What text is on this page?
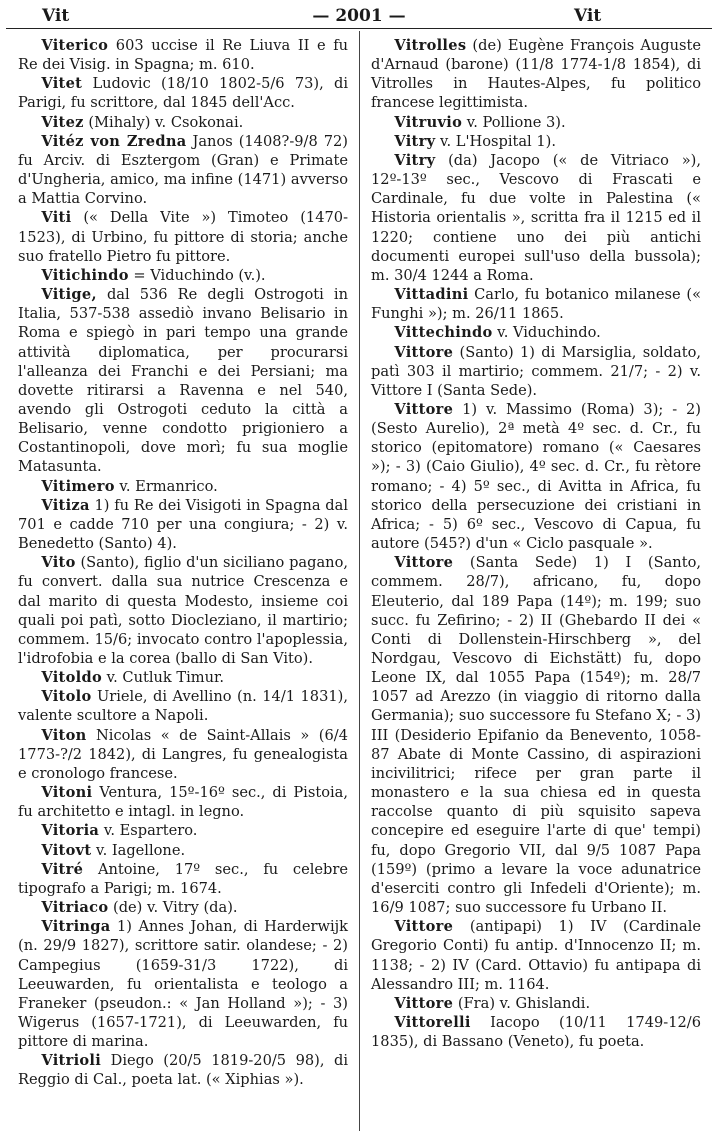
Vit	— 2001 —	Vit

Viterico 603 uccise il Re Liuva II e fu Re dei Visig. in Spagna; m. 610.

Vitet Ludovic (18/10 1802-5/6 73), di Parigi, fu scrittore, dal 1845 dell'Acc.

Vitez (Mihaly) v. Csokonai.

Vitéz von Zredna Janos (1408?-9/8 72) fu Arciv. di Esztergom (Gran) e Primate d'Ungheria, amico, ma infine (1471) avverso a Mattia Corvino.

Viti (« Della Vite ») Timoteo (1470-1523), di Urbino, fu pittore di storia; anche suo fratello Pietro fu pittore.

Vitichindo = Viduchindo (v.).

Vitige, dal 536 Re degli Ostrogoti in Italia, 537-538 assediò invano Belisario in Roma e spiegò in pari tempo una grande attività diplomatica, per procurarsi l'alleanza dei Franchi e dei Persiani; ma dovette ritirarsi a Ravenna e nel 540, avendo gli Ostrogoti ceduto la città a Belisario, venne condotto prigioniero a Costantinopoli, dove morì; fu sua moglie Matasunta.

Vitimero v. Ermanrico.

Vitiza 1) fu Re dei Visigoti in Spagna dal 701 e cadde 710 per una congiura; - 2) v. Benedetto (Santo) 4).

Vito (Santo), figlio d'un siciliano pagano, fu convert. dalla sua nutrice Crescenza e dal marito di questa Modesto, insieme coi quali poi patì, sotto Diocleziano, il martirio; commem. 15/6; invocato contro l'apoplessia, l'idrofobia e la corea (ballo di San Vito).

Vitoldo v. Cutluk Timur.

Vitolo Uriele, di Avellino (n. 14/1 1831), valente scultore a Napoli.

Viton Nicolas « de Saint-Allais » (6/4 1773-?/2 1842), di Langres, fu genealogista e cronologo francese.

Vitoni Ventura, 15º-16º sec., di Pistoia, fu architetto e intagl. in legno.

Vitoria v. Espartero.

Vitovt v. Iagellone.

Vitré Antoine, 17º sec., fu celebre tipografo a Parigi; m. 1674.

Vitriaco (de) v. Vitry (da).

Vitringa 1) Annes Johan, di Harderwijk (n. 29/9 1827), scrittore satir. olandese; - 2) Campegius (1659-31/3 1722), di Leeuwarden, fu orientalista e teologo a Franeker (pseudon.: « Jan Holland »); - 3) Wigerus (1657-1721), di Leeuwarden, fu pittore di marina.

Vitrioli Diego (20/5 1819-20/5 98), di Reggio di Cal., poeta lat. (« Xiphias »).

Vitrolles (de) Eugène François Auguste d'Arnaud (barone) (11/8 1774-1/8 1854), di Vitrolles in Hautes-Alpes, fu politico francese legittimista.

Vitruvio v. Pollione 3).

Vitry v. L'Hospital 1).

Vitry (da) Jacopo (« de Vitriaco »), 12º-13º sec., Vescovo di Frascati e Cardinale, fu due volte in Palestina (« Historia orientalis », scritta fra il 1215 ed il 1220; contiene uno dei più antichi documenti europei sull'uso della bussola); m. 30/4 1244 a Roma.

Vittadini Carlo, fu botanico milanese (« Funghi »); m. 26/11 1865.

Vittechindo v. Viduchindo.

Vittore (Santo) 1) di Marsiglia, soldato, patì 303 il martirio; commem. 21/7; - 2) v. Vittore I (Santa Sede).

Vittore 1) v. Massimo (Roma) 3); - 2) (Sesto Aurelio), 2ª metà 4º sec. d. Cr., fu storico (epitomatore) romano (« Caesares »); - 3) (Caio Giulio), 4º sec. d. Cr., fu rètore romano; - 4) 5º sec., di Avitta in Africa, fu storico della persecuzione dei cristiani in Africa; - 5) 6º sec., Vescovo di Capua, fu autore (545?) d'un « Ciclo pasquale ».

Vittore (Santa Sede) 1) I (Santo, commem. 28/7), africano, fu, dopo Eleuterio, dal 189 Papa (14º); m. 199; suo succ. fu Zefirino; - 2) II (Ghebardo II dei « Conti di Dollenstein-Hirschberg », del Nordgau, Vescovo di Eichstätt) fu, dopo Leone IX, dal 1055 Papa (154º); m. 28/7 1057 ad Arezzo (in viaggio di ritorno dalla Germania); suo successore fu Stefano X; - 3) III (Desiderio Epifanio da Benevento, 1058-87 Abate di Monte Cassino, di aspirazioni incivilitrici; rifece per gran parte il monastero e la sua chiesa ed in questa raccolse quanto di più squisito sapeva concepire ed eseguire l'arte di que' tempi) fu, dopo Gregorio VII, dal 9/5 1087 Papa (159º) (primo a levare la voce adunatrice d'eserciti contro gli Infedeli d'Oriente); m. 16/9 1087; suo successore fu Urbano II.

Vittore (antipapi) 1) IV (Cardinale Gregorio Conti) fu antip. d'Innocenzo II; m. 1138; - 2) IV (Card. Ottavio) fu antipapa di Alessandro III; m. 1164.

Vittore (Fra) v. Ghislandi.

Vittorelli Iacopo (10/11 1749-12/6 1835), di Bassano (Veneto), fu poeta.
